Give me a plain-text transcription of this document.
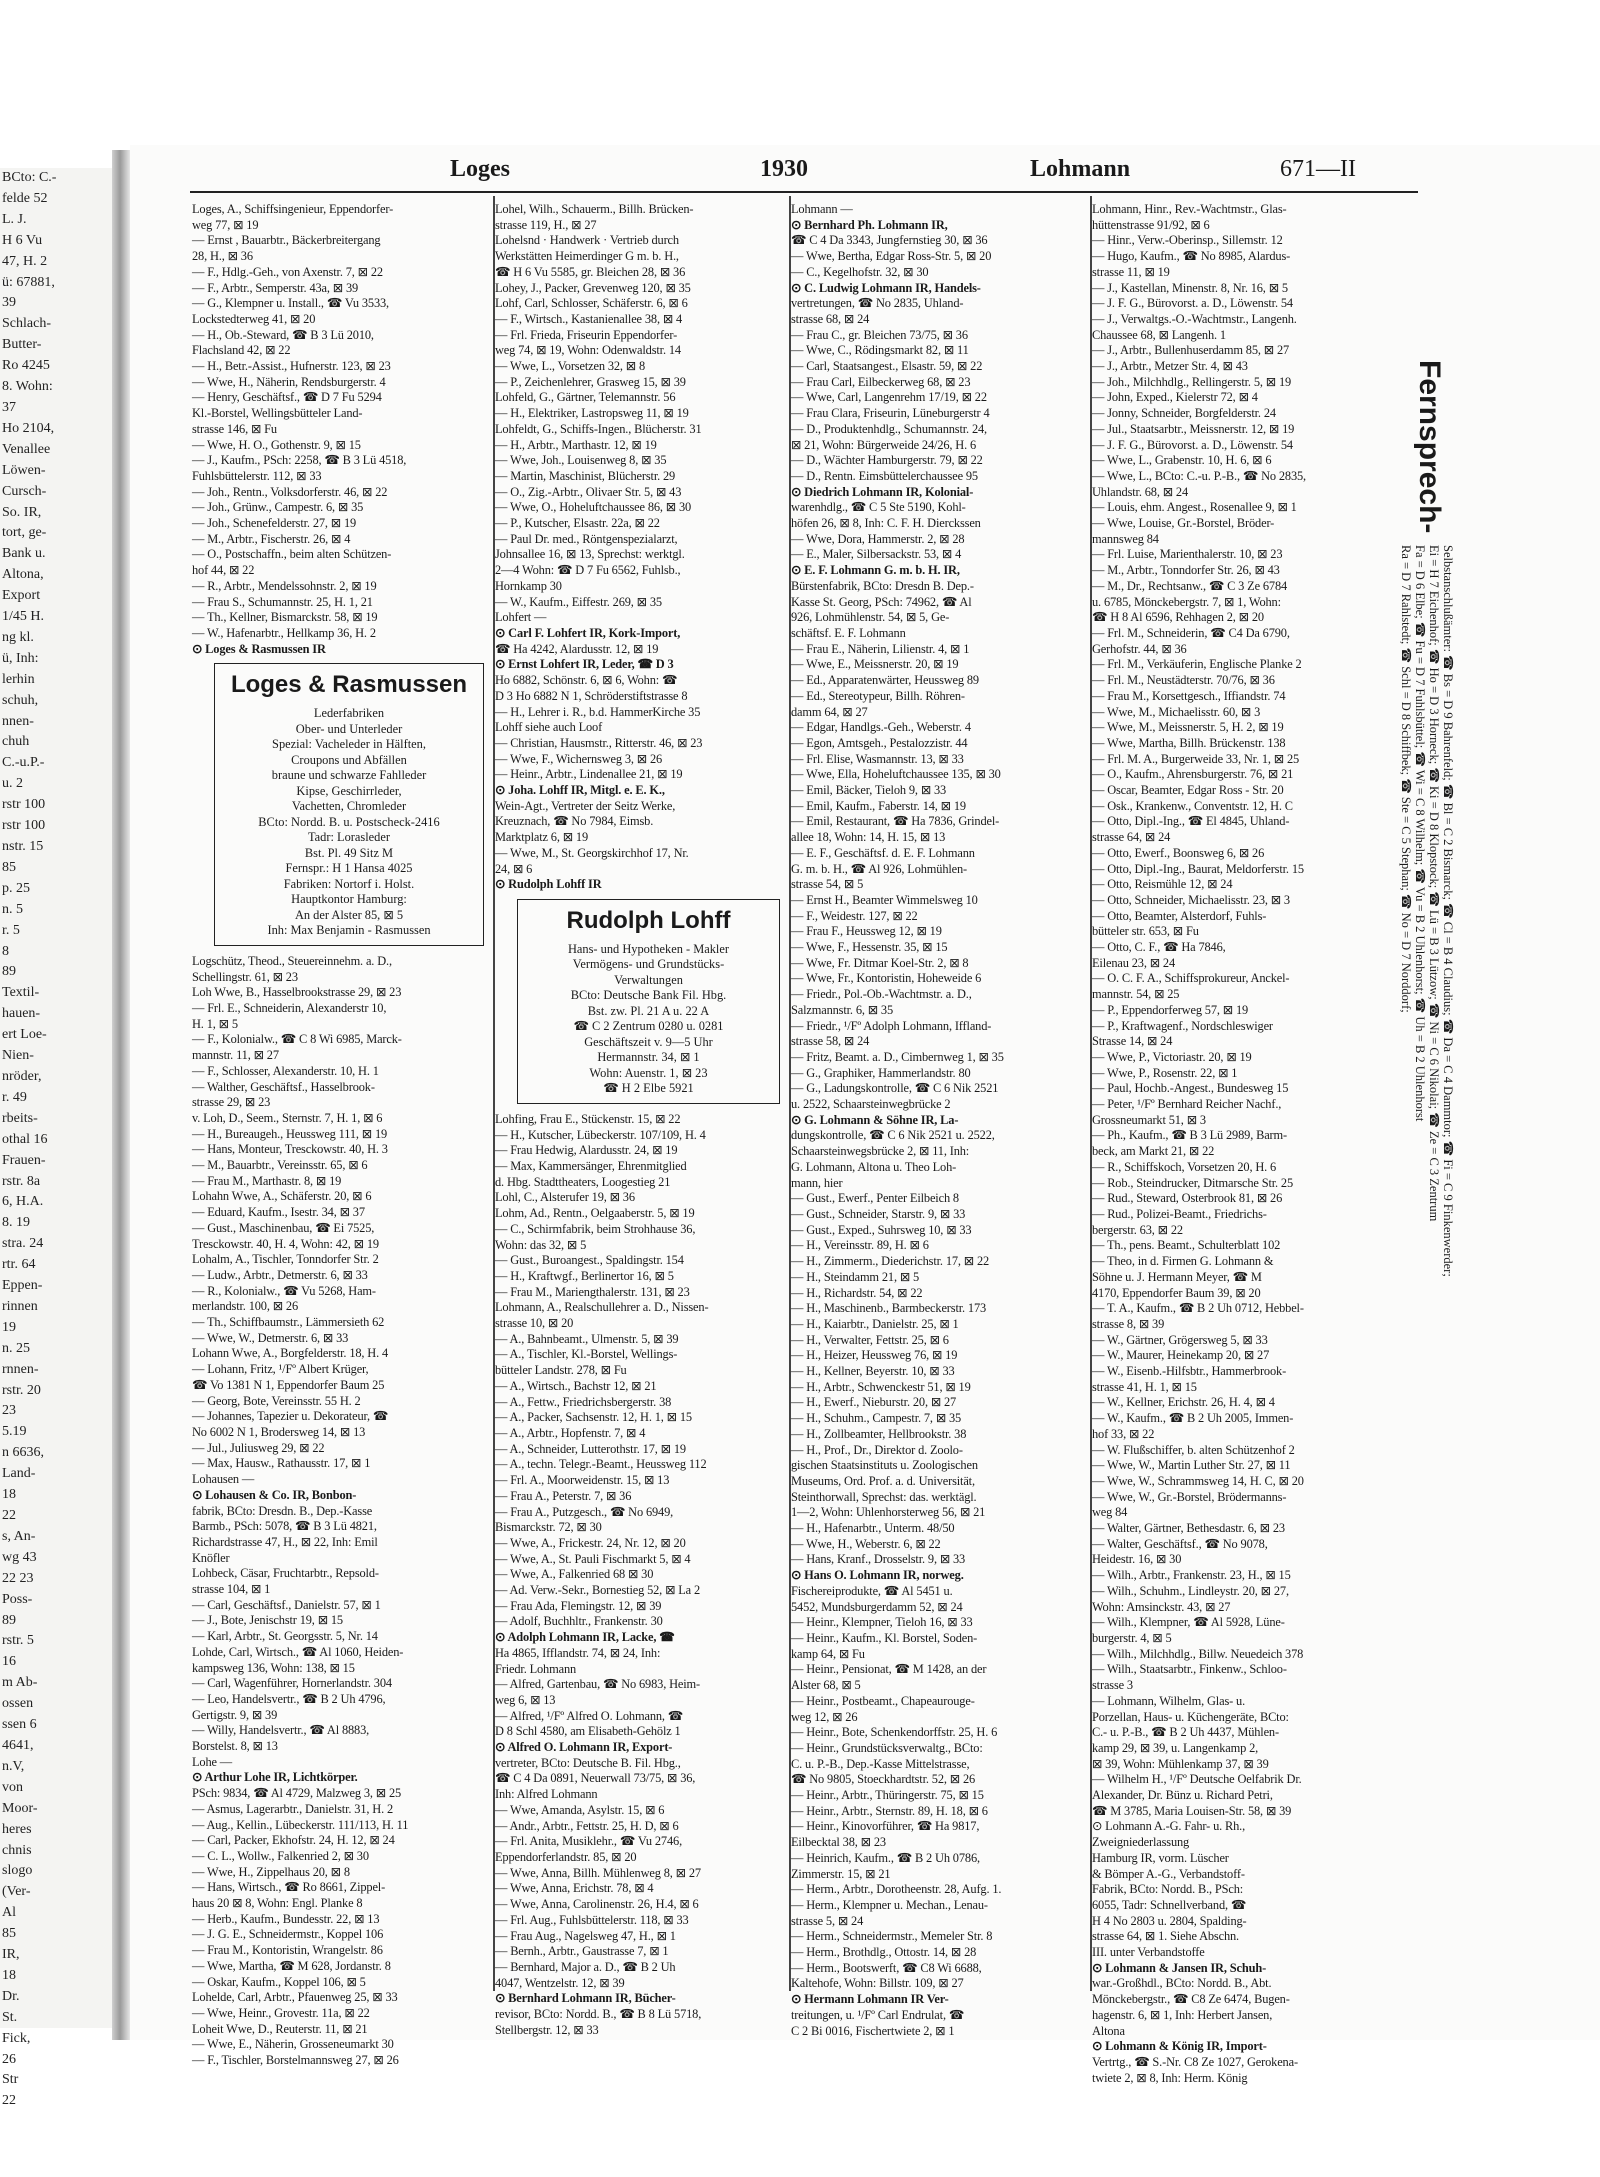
BCto: C.-
felde 52
L. J.
H 6 Vu
47, H. 2
ü: 67881,
39
Schlach-
Butter-
Ro 4245
8. Wohn:
37
Ho 2104,
Venallee
Löwen-
Cursch-
So. IR,
tort, ge-
Bank u.
Altona,
Export
1/45 H.
ng kl.
ü, Inh:
lerhin
schuh,
nnen-
chuh
C.-u.P.-
u. 2
rstr 100
rstr 100
nstr. 15
85
p. 25
n. 5
r. 5
8
89
Textil-
hauen-
ert Loe-
Nien-
nröder,
r. 49
rbeits-
othal 16
Frauen-
rstr. 8a
6, H.A.
8. 19
stra. 24
rtr. 64
Eppen-
rinnen
19
n. 25
rnnen-
rstr. 20
23
5.19
n 6636,
Land-
18
22
s, An-
wg 43
22 23
Poss-
89
rstr. 5
16
m Ab-
ossen
ssen 6
4641,
n.V,
von
Moor-
heres
chnis
slogo
(Ver-
Al
85
IR,
18
Dr.
St.
Fick,
26
Str
22
Loges	1930	Lohmann	671—II
Loges, A., Schiffsingenieur, Eppendorfer-
weg 77, ⊠ 19
— Ernst , Bauarbtr., Bäckerbreitergang
28, H., ⊠ 36
— F., Hdlg.-Geh., von Axenstr. 7, ⊠ 22
— F., Arbtr., Semperstr. 43a, ⊠ 39
— G., Klempner u. Install., ☎ Vu 3533,
Lockstedterweg 41, ⊠ 20
— H., Ob.-Steward, ☎ B 3 Lü 2010,
Flachsland 42, ⊠ 22
— H., Betr.-Assist., Hufnerstr. 123, ⊠ 23
— Wwe, H., Näherin, Rendsburgerstr. 4
— Henry, Geschäftsf., ☎ D 7 Fu 5294
Kl.-Borstel, Wellingsbütteler Land-
strasse 146, ⊠ Fu
— Wwe, H. O., Gothenstr. 9, ⊠ 15
— J., Kaufm., PSch: 2258, ☎ B 3 Lü 4518,
Fuhlsbüttelerstr. 112, ⊠ 33
— Joh., Rentn., Volksdorferstr. 46, ⊠ 22
— Joh., Grünw., Campestr. 6, ⊠ 35
— Joh., Schenefelderstr. 27, ⊠ 19
— M., Arbtr., Fischerstr. 26, ⊠ 4
— O., Postschaffn., beim alten Schützen-
hof 44, ⊠ 22
— R., Arbtr., Mendelssohnstr. 2, ⊠ 19
— Frau S., Schumannstr. 25, H. 1, 21
— Th., Kellner, Bismarckstr. 58, ⊠ 19
— W., Hafenarbtr., Hellkamp 36, H. 2
⊙ Loges & Rasmussen IR
Loges & Rasmussen
Lederfabriken
Ober- und Unterleder
Spezial: Vacheleder in Hälften,
Croupons und Abfällen
braune und schwarze Fahlleder
Kipse, Geschirrleder,
Vachetten, Chromleder
BCto: Nordd. B. u. Postscheck-2416
Tadr: Lorasleder
Bst. Pl. 49 Sitz M
Fernspr.: H 1 Hansa 4025
Fabriken: Nortorf i. Holst.
Hauptkontor Hamburg:
An der Alster 85, ⊠ 5
Inh: Max Benjamin - Rasmussen
Logschütz, Theod., Steuereinnehm. a. D.,
Schellingstr. 61, ⊠ 23
Loh Wwe, B., Hasselbrookstrasse 29, ⊠ 23
— Frl. E., Schneiderin, Alexanderstr 10,
H. 1, ⊠ 5
— F., Kolonialw., ☎ C 8 Wi 6985, Marck-
mannstr. 11, ⊠ 27
— F., Schlosser, Alexanderstr. 10, H. 1
— Walther, Geschäftsf., Hasselbrook-
strasse 29, ⊠ 23
v. Loh, D., Seem., Sternstr. 7, H. 1, ⊠ 6
— H., Bureaugeh., Heussweg 111, ⊠ 19
— Hans, Monteur, Tresckowstr. 40, H. 3
— M., Bauarbtr., Vereinsstr. 65, ⊠ 6
— Frau M., Marthastr. 8, ⊠ 19
Lohahn Wwe, A., Schäferstr. 20, ⊠ 6
— Eduard, Kaufm., Isestr. 34, ⊠ 37
— Gust., Maschinenbau, ☎ Ei 7525,
Tresckowstr. 40, H. 4, Wohn: 42, ⊠ 19
Lohalm, A., Tischler, Tonndorfer Str. 2
— Ludw., Arbtr., Detmerstr. 6, ⊠ 33
— R., Kolonialw., ☎ Vu 5268, Ham-
merlandstr. 100, ⊠ 26
— Th., Schiffbaumstr., Lämmersieth 62
— Wwe, W., Detmerstr. 6, ⊠ 33
Lohann Wwe, A., Borgfelderstr. 18, H. 4
— Lohann, Fritz, ¹/Fº Albert Krüger,
☎ Vo 1381 N 1, Eppendorfer Baum 25
— Georg, Bote, Vereinsstr. 55 H. 2
— Johannes, Tapezier u. Dekorateur, ☎
No 6002 N 1, Brodersweg 14, ⊠ 13
— Jul., Juliusweg 29, ⊠ 22
— Max, Hausw., Rathausstr. 17, ⊠ 1
Lohausen —
⊙ Lohausen & Co. IR, Bonbon-
fabrik, BCto: Dresdn. B., Dep.-Kasse
Barmb., PSch: 5078, ☎ B 3 Lü 4821,
Richardstrasse 47, H., ⊠ 22, Inh: Emil
Knöfler
Lohbeck, Cäsar, Fruchtarbtr., Repsold-
strasse 104, ⊠ 1
— Carl, Geschäftsf., Danielstr. 57, ⊠ 1
— J., Bote, Jenischstr 19, ⊠ 15
— Karl, Arbtr., St. Georgsstr. 5, Nr. 14
Lohde, Carl, Wirtsch., ☎ Al 1060, Heiden-
kampsweg 136, Wohn: 138, ⊠ 15
— Carl, Wagenführer, Hornerlandstr. 304
— Leo, Handelsvertr., ☎ B 2 Uh 4796,
Gertigstr. 9, ⊠ 39
— Willy, Handelsvertr., ☎ Al 8883,
Borstelst. 8, ⊠ 13
Lohe —
⊙ Arthur Lohe IR, Lichtkörper.
PSch: 9834, ☎ Al 4729, Malzweg 3, ⊠ 25
— Asmus, Lagerarbtr., Danielstr. 31, H. 2
— Aug., Kellin., Lübeckerstr. 111/113, H. 11
— Carl, Packer, Ekhofstr. 24, H. 12, ⊠ 24
— C. L., Wollw., Falkenried 2, ⊠ 30
— Wwe, H., Zippelhaus 20, ⊠ 8
— Hans, Wirtsch., ☎ Ro 8661, Zippel-
haus 20 ⊠ 8, Wohn: Engl. Planke 8
— Herb., Kaufm., Bundesstr. 22, ⊠ 13
— J. G. E., Schneidermstr., Koppel 106
— Frau M., Kontoristin, Wrangelstr. 86
— Wwe, Martha, ☎ M 628, Jordanstr. 8
— Oskar, Kaufm., Koppel 106, ⊠ 5
Lohelde, Carl, Arbtr., Pfauenweg 25, ⊠ 33
— Wwe, Heinr., Grovestr. 11a, ⊠ 22
Loheit Wwe, D., Reuterstr. 11, ⊠ 21
— Wwe, E., Näherin, Grosseneumarkt 30
— F., Tischler, Borstelmannsweg 27, ⊠ 26
Lohel, Wilh., Schauerm., Billh. Brücken-
strasse 119, H., ⊠ 27
Lohelsnd · Handwerk · Vertrieb durch
Werkstätten Heimerdinger G m. b. H.,
☎ H 6 Vu 5585, gr. Bleichen 28, ⊠ 36
Lohey, J., Packer, Grevenweg 120, ⊠ 35
Lohf, Carl, Schlosser, Schäferstr. 6, ⊠ 6
— F., Wirtsch., Kastanienallee 38, ⊠ 4
— Frl. Frieda, Friseurin Eppendorfer-
weg 74, ⊠ 19, Wohn: Odenwaldstr. 14
— Wwe, L., Vorsetzen 32, ⊠ 8
— P., Zeichenlehrer, Grasweg 15, ⊠ 39
Lohfeld, G., Gärtner, Telemannstr. 56
— H., Elektriker, Lastropsweg 11, ⊠ 19
Lohfeldt, G., Schiffs-Ingen., Blücherstr. 31
— H., Arbtr., Marthastr. 12, ⊠ 19
— Wwe, Joh., Louisenweg 8, ⊠ 35
— Martin, Maschinist, Blücherstr. 29
— O., Zig.-Arbtr., Olivaer Str. 5, ⊠ 43
— Wwe, O., Hoheluftchaussee 86, ⊠ 30
— P., Kutscher, Elsastr. 22a, ⊠ 22
— Paul Dr. med., Röntgenspezialarzt,
Johnsallee 16, ⊠ 13, Sprechst: werktgl.
2—4 Wohn: ☎ D 7 Fu 6562, Fuhlsb.,
Hornkamp 30
— W., Kaufm., Eiffestr. 269, ⊠ 35
Lohfert —
⊙ Carl F. Lohfert IR, Kork-Import,
☎ Ha 4242, Alardusstr. 12, ⊠ 19
⊙ Ernst Lohfert IR, Leder, ☎ D 3
Ho 6882, Schönstr. 6, ⊠ 6, Wohn: ☎
D 3 Ho 6882 N 1, Schröderstiftstrasse 8
— H., Lehrer i. R., b.d. HammerKirche 35
Lohff siehe auch Loof
— Christian, Hausmstr., Ritterstr. 46, ⊠ 23
— Wwe, F., Wichernsweg 3, ⊠ 26
— Heinr., Arbtr., Lindenallee 21, ⊠ 19
⊙ Joha. Lohff IR, Mitgl. e. E. K.,
Wein-Agt., Vertreter der Seitz Werke,
Kreuznach, ☎ No 7984, Eimsb.
Marktplatz 6, ⊠ 19
— Wwe, M., St. Georgskirchhof 17, Nr.
24, ⊠ 6
⊙ Rudolph Lohff IR
Rudolph Lohff
Hans- und Hypotheken - Makler
Vermögens- und Grundstücks-
Verwaltungen
BCto: Deutsche Bank Fil. Hbg.
Bst. zw. Pl. 21 A u. 22 A
☎ C 2 Zentrum 0280 u. 0281
Geschäftszeit v. 9—5 Uhr
Hermannstr. 34, ⊠ 1
Wohn: Auenstr. 1, ⊠ 23
☎ H 2 Elbe 5921
Lohfing, Frau E., Stückenstr. 15, ⊠ 22
— H., Kutscher, Lübeckerstr. 107/109, H. 4
— Frau Hedwig, Alardusstr. 24, ⊠ 19
— Max, Kammersänger, Ehrenmitglied
d. Hbg. Stadttheaters, Loogestieg 21
Lohl, C., Alsterufer 19, ⊠ 36
Lohm, Ad., Rentn., Oelgaaberstr. 5, ⊠ 19
— C., Schirmfabrik, beim Strohhause 36,
Wohn: das 32, ⊠ 5
— Gust., Buroangest., Spaldingstr. 154
— H., Kraftwgf., Berlinertor 16, ⊠ 5
— Frau M., Mariengthalerstr. 131, ⊠ 23
Lohmann, A., Realschullehrer a. D., Nissen-
strasse 10, ⊠ 20
— A., Bahnbeamt., Ulmenstr. 5, ⊠ 39
— A., Tischler, Kl.-Borstel, Wellings-
bütteler Landstr. 278, ⊠ Fu
— A., Wirtsch., Bachstr 12, ⊠ 21
— A., Fettw., Friedrichsbergerstr. 38
— A., Packer, Sachsenstr. 12, H. 1, ⊠ 15
— A., Arbtr., Hopfenstr. 7, ⊠ 4
— A., Schneider, Lutterothstr. 17, ⊠ 19
— A., techn. Telegr.-Beamt., Heussweg 112
— Frl. A., Moorweidenstr. 15, ⊠ 13
— Frau A., Peterstr. 7, ⊠ 36
— Frau A., Putzgesch., ☎ No 6949,
Bismarckstr. 72, ⊠ 30
— Wwe, A., Frickestr. 24, Nr. 12, ⊠ 20
— Wwe, A., St. Pauli Fischmarkt 5, ⊠ 4
— Wwe, A., Falkenried 68 ⊠ 30
— Ad. Verw.-Sekr., Bornestieg 52, ⊠ La 2
— Frau Ada, Flemingstr. 12, ⊠ 39
— Adolf, Buchhltr., Frankenstr. 30
⊙ Adolph Lohmann IR, Lacke, ☎
Ha 4865, Ifflandstr. 74, ⊠ 24, Inh:
Friedr. Lohmann
— Alfred, Gartenbau, ☎ No 6983, Heim-
weg 6, ⊠ 13
— Alfred, ¹/Fº Alfred O. Lohmann, ☎
D 8 Schl 4580, am Elisabeth-Gehölz 1
⊙ Alfred O. Lohmann IR, Export-
vertreter, BCto: Deutsche B. Fil. Hbg.,
☎ C 4 Da 0891, Neuerwall 73/75, ⊠ 36,
Inh: Alfred Lohmann
— Wwe, Amanda, Asylstr. 15, ⊠ 6
— Andr., Arbtr., Fettstr. 25, H. D, ⊠ 6
— Frl. Anita, Musiklehr., ☎ Vu 2746,
Eppendorferlandstr. 85, ⊠ 20
— Wwe, Anna, Billh. Mühlenweg 8, ⊠ 27
— Wwe, Anna, Erichstr. 78, ⊠ 4
— Wwe, Anna, Carolinenstr. 26, H.4, ⊠ 6
— Frl. Aug., Fuhlsbüttelerstr. 118, ⊠ 33
— Frau Aug., Nagelsweg 47, H., ⊠ 1
— Bernh., Arbtr., Gaustrasse 7, ⊠ 1
— Bernhard, Major a. D., ☎ B 2 Uh
4047, Wentzelstr. 12, ⊠ 39
⊙ Bernhard Lohmann IR, Bücher-
revisor, BCto: Nordd. B., ☎ B 8 Lü 5718,
Stellbergstr. 12, ⊠ 33
Lohmann —
⊙ Bernhard Ph. Lohmann IR,
☎ C 4 Da 3343, Jungfernstieg 30, ⊠ 36
— Wwe, Bertha, Edgar Ross-Str. 5, ⊠ 20
— C., Kegelhofstr. 32, ⊠ 30
⊙ C. Ludwig Lohmann IR, Handels-
vertretungen, ☎ No 2835, Uhland-
strasse 68, ⊠ 24
— Frau C., gr. Bleichen 73/75, ⊠ 36
— Wwe, C., Rödingsmarkt 82, ⊠ 11
— Carl, Staatsangest., Elsastr. 59, ⊠ 22
— Frau Carl, Eilbeckerweg 68, ⊠ 23
— Wwe, Carl, Langenrehm 17/19, ⊠ 22
— Frau Clara, Friseurin, Lüneburgerstr 4
— D., Produktenhdlg., Schumannstr. 24,
⊠ 21, Wohn: Bürgerweide 24/26, H. 6
— D., Wächter Hamburgerstr. 79, ⊠ 22
— D., Rentn. Eimsbüttelerchaussee 95
⊙ Diedrich Lohmann IR, Kolonial-
warenhdlg., ☎ C 5 Ste 5190, Kohl-
höfen 26, ⊠ 8, Inh: C. F. H. Dierckssen
— Wwe, Dora, Hammerstr. 2, ⊠ 28
— E., Maler, Silbersackstr. 53, ⊠ 4
⊙ E. F. Lohmann G. m. b. H. IR,
Bürstenfabrik, BCto: Dresdn B. Dep.-
Kasse St. Georg, PSch: 74962, ☎ Al
926, Lohmühlenstr. 54, ⊠ 5, Ge-
schäftsf. E. F. Lohmann
— Frau E., Näherin, Lilienstr. 4, ⊠ 1
— Wwe, E., Meissnerstr. 20, ⊠ 19
— Ed., Apparatenwärter, Heussweg 89
— Ed., Stereotypeur, Billh. Röhren-
damm 64, ⊠ 27
— Edgar, Handlgs.-Geh., Weberstr. 4
— Egon, Amtsgeh., Pestalozzistr. 44
— Frl. Elise, Wasmannstr. 13, ⊠ 33
— Wwe, Ella, Hoheluftchaussee 135, ⊠ 30
— Emil, Bäcker, Tieloh 9, ⊠ 33
— Emil, Kaufm., Faberstr. 14, ⊠ 19
— Emil, Restaurant, ☎ Ha 7836, Grindel-
allee 18, Wohn: 14, H. 15, ⊠ 13
— E. F., Geschäftsf. d. E. F. Lohmann
G. m. b. H., ☎ Al 926, Lohmühlen-
strasse 54, ⊠ 5
— Ernst H., Beamter Wimmelsweg 10
— F., Weidestr. 127, ⊠ 22
— Frau F., Heussweg 12, ⊠ 19
— Wwe, F., Hessenstr. 35, ⊠ 15
— Wwe, Fr. Ditmar Koel-Str. 2, ⊠ 8
— Wwe, Fr., Kontoristin, Hoheweide 6
— Friedr., Pol.-Ob.-Wachtmstr. a. D.,
Salzmannstr. 6, ⊠ 35
— Friedr., ¹/Fº Adolph Lohmann, Iffland-
strasse 58, ⊠ 24
— Fritz, Beamt. a. D., Cimbernweg 1, ⊠ 35
— G., Graphiker, Hammerlandstr. 80
— G., Ladungskontrolle, ☎ C 6 Nik 2521
u. 2522, Schaarsteinwegbrücke 2
⊙ G. Lohmann & Söhne IR, La-
dungskontrolle, ☎ C 6 Nik 2521 u. 2522,
Schaarsteinwegsbrücke 2, ⊠ 11, Inh:
G. Lohmann, Altona u. Theo Loh-
mann, hier
— Gust., Ewerf., Penter Eilbeich 8
— Gust., Schneider, Starstr. 9, ⊠ 33
— Gust., Exped., Suhrsweg 10, ⊠ 33
— H., Vereinsstr. 89, H. ⊠ 6
— H., Zimmerm., Diederichstr. 17, ⊠ 22
— H., Steindamm 21, ⊠ 5
— H., Richardstr. 54, ⊠ 22
— H., Maschinenb., Barmbeckerstr. 173
— H., Kaiarbtr., Danielstr. 25, ⊠ 1
— H., Verwalter, Fettstr. 25, ⊠ 6
— H., Heizer, Heussweg 76, ⊠ 19
— H., Kellner, Beyerstr. 10, ⊠ 33
— H., Arbtr., Schwenckestr 51, ⊠ 19
— H., Ewerf., Nieburstr. 20, ⊠ 27
— H., Schuhm., Campestr. 7, ⊠ 35
— H., Zollbeamter, Hellbrookstr. 38
— H., Prof., Dr., Direktor d. Zoolo-
gischen Staatsinstituts u. Zoologischen
Museums, Ord. Prof. a. d. Universität,
Steinthorwall, Sprechst: das. werktägl.
1—2, Wohn: Uhlenhorsterweg 56, ⊠ 21
— H., Hafenarbtr., Unterm. 48/50
— Wwe, H., Weberstr. 6, ⊠ 22
— Hans, Kranf., Drosselstr. 9, ⊠ 33
⊙ Hans O. Lohmann IR, norweg.
Fischereiprodukte, ☎ Al 5451 u.
5452, Mundsburgerdamm 52, ⊠ 24
— Heinr., Klempner, Tieloh 16, ⊠ 33
— Heinr., Kaufm., Kl. Borstel, Soden-
kamp 64, ⊠ Fu
— Heinr., Pensionat, ☎ M 1428, an der
Alster 68, ⊠ 5
— Heinr., Postbeamt., Chapeaurouge-
weg 12, ⊠ 26
— Heinr., Bote, Schenkendorffstr. 25, H. 6
— Heinr., Grundstücksverwaltg., BCto:
C. u. P.-B., Dep.-Kasse Mittelstrasse,
☎ No 9805, Stoeckhardtstr. 52, ⊠ 26
— Heinr., Arbtr., Thüringerstr. 75, ⊠ 15
— Heinr., Arbtr., Sternstr. 89, H. 18, ⊠ 6
— Heinr., Kinovorführer, ☎ Ha 9817,
Eilbecktal 38, ⊠ 23
— Heinrich, Kaufm., ☎ B 2 Uh 0786,
Zimmerstr. 15, ⊠ 21
— Herm., Arbtr., Dorotheenstr. 28, Aufg. 1.
— Herm., Klempner u. Mechan., Lenau-
strasse 5, ⊠ 24
— Herm., Schneidermstr., Memeler Str. 8
— Herm., Brothdlg., Ottostr. 14, ⊠ 28
— Herm., Bootswerft, ☎ C8 Wi 6688,
Kaltehofe, Wohn: Billstr. 109, ⊠ 27
⊙ Hermann Lohmann IR Ver-
treitungen, u. ¹/Fº Carl Endrulat, ☎
C 2 Bi 0016, Fischertwiete 2, ⊠ 1
Lohmann, Hinr., Rev.-Wachtmstr., Glas-
hüttenstrasse 91/92, ⊠ 6
— Hinr., Verw.-Oberinsp., Sillemstr. 12
— Hugo, Kaufm., ☎ No 8985, Alardus-
strasse 11, ⊠ 19
— J., Kastellan, Minenstr. 8, Nr. 16, ⊠ 5
— J. F. G., Bürovorst. a. D., Löwenstr. 54
— J., Verwaltgs.-O.-Wachtmstr., Langenh.
Chaussee 68, ⊠ Langenh. 1
— J., Arbtr., Bullenhuserdamm 85, ⊠ 27
— J., Arbtr., Metzer Str. 4, ⊠ 43
— Joh., Milchhdlg., Rellingerstr. 5, ⊠ 19
— John, Exped., Kielerstr 72, ⊠ 4
— Jonny, Schneider, Borgfelderstr. 24
— Jul., Staatsarbtr., Meissnerstr. 12, ⊠ 19
— J. F. G., Bürovorst. a. D., Löwenstr. 54
— Wwe, L., Grabenstr. 10, H. 6, ⊠ 6
— Wwe, L., BCto: C.-u. P.-B., ☎ No 2835,
Uhlandstr. 68, ⊠ 24
— Louis, ehm. Angest., Rosenallee 9, ⊠ 1
— Wwe, Louise, Gr.-Borstel, Bröder-
mannsweg 84
— Frl. Luise, Marienthalerstr. 10, ⊠ 23
— M., Arbtr., Tonndorfer Str. 26, ⊠ 43
— M., Dr., Rechtsanw., ☎ C 3 Ze 6784
u. 6785, Mönckebergstr. 7, ⊠ 1, Wohn:
☎ H 8 Al 6596, Rehhagen 2, ⊠ 20
— Frl. M., Schneiderin, ☎ C4 Da 6790,
Gerhofstr. 44, ⊠ 36
— Frl. M., Verkäuferin, Englische Planke 2
— Frl. M., Neustädterstr. 70/76, ⊠ 36
— Frau M., Korsettgesch., Iffiandstr. 74
— Wwe, M., Michaelisstr. 60, ⊠ 3
— Wwe, M., Meissnerstr. 5, H. 2, ⊠ 19
— Wwe, Martha, Billh. Brückenstr. 138
— Frl. M. A., Burgerweide 33, Nr. 1, ⊠ 25
— O., Kaufm., Ahrensburgerstr. 76, ⊠ 21
— Oscar, Beamter, Edgar Ross - Str. 20
— Osk., Krankenw., Conventstr. 12, H. C
— Otto, Dipl.-Ing., ☎ El 4845, Uhland-
strasse 64, ⊠ 24
— Otto, Ewerf., Boonsweg 6, ⊠ 26
— Otto, Dipl.-Ing., Baurat, Meldorferstr. 15
— Otto, Reismühle 12, ⊠ 24
— Otto, Schneider, Michaelisstr. 23, ⊠ 3
— Otto, Beamter, Alsterdorf, Fuhls-
bütteler str. 653, ⊠ Fu
— Otto, C. F., ☎ Ha 7846,
Eilenau 23, ⊠ 24
— O. C. F. A., Schiffsprokureur, Anckel-
mannstr. 54, ⊠ 25
— P., Eppendorferweg 57, ⊠ 19
— P., Kraftwagenf., Nordschleswiger
Strasse 14, ⊠ 24
— Wwe, P., Victoriastr. 20, ⊠ 19
— Wwe, P., Rosenstr. 22, ⊠ 1
— Paul, Hochb.-Angest., Bundesweg 15
— Peter, ¹/Fº Bernhard Reicher Nachf.,
Grossneumarkt 51, ⊠ 3
— Ph., Kaufm., ☎ B 3 Lü 2989, Barm-
beck, am Markt 21, ⊠ 22
— R., Schiffskoch, Vorsetzen 20, H. 6
— Rob., Steindrucker, Ditmarsche Str. 25
— Rud., Steward, Osterbrook 81, ⊠ 26
— Rud., Polizei-Beamt., Friedrichs-
bergerstr. 63, ⊠ 22
— Th., pens. Beamt., Schulterblatt 102
— Theo, in d. Firmen G. Lohmann &
Söhne u. J. Hermann Meyer, ☎ M
4170, Eppendorfer Baum 39, ⊠ 20
— T. A., Kaufm., ☎ B 2 Uh 0712, Hebbel-
strasse 8, ⊠ 39
— W., Gärtner, Grögersweg 5, ⊠ 33
— W., Maurer, Heinekamp 20, ⊠ 27
— W., Eisenb.-Hilfsbtr., Hammerbrook-
strasse 41, H. 1, ⊠ 15
— W., Kellner, Erichstr. 26, H. 4, ⊠ 4
— W., Kaufm., ☎ B 2 Uh 2005, Immen-
hof 33, ⊠ 22
— W. Flußschiffer, b. alten Schützenhof 2
— Wwe, W., Martin Luther Str. 27, ⊠ 11
— Wwe, W., Schrammsweg 14, H. C, ⊠ 20
— Wwe, W., Gr.-Borstel, Brödermanns-
weg 84
— Walter, Gärtner, Bethesdastr. 6, ⊠ 23
— Walter, Geschäftsf., ☎ No 9078,
Heidestr. 16, ⊠ 30
— Wilh., Arbtr., Frankenstr. 23, H., ⊠ 15
— Wilh., Schuhm., Lindleystr. 20, ⊠ 27,
Wohn: Amsinckstr. 43, ⊠ 27
— Wilh., Klempner, ☎ Al 5928, Lüne-
burgerstr. 4, ⊠ 5
— Wilh., Milchhdlg., Billw. Neuedeich 378
— Wilh., Staatsarbtr., Finkenw., Schloo-
strasse 3
— Lohmann, Wilhelm, Glas- u.
Porzellan, Haus- u. Küchengeräte, BCto:
C.- u. P.-B., ☎ B 2 Uh 4437, Mühlen-
kamp 29, ⊠ 39, u. Langenkamp 2,
⊠ 39, Wohn: Mühlenkamp 37, ⊠ 39
— Wilhelm H., ¹/Fº Deutsche Oelfabrik Dr.
Alexander, Dr. Bünz u. Richard Petri,
☎ M 3785, Maria Louisen-Str. 58, ⊠ 39
⊙ Lohmann A.-G. Fahr- u. Rh.,
Zweigniederlassung
Hamburg IR, vorm. Lüscher
& Bömper A.-G., Verbandstoff-
Fabrik, BCto: Nordd. B., PSch:
6055, Tadr: Schnellverband, ☎
H 4 No 2803 u. 2804, Spalding-
strasse 64, ⊠ 1. Siehe Abschn.
III. unter Verbandstoffe
⊙ Lohmann & Jansen IR, Schuh-
war.-Großhdl., BCto: Nordd. B., Abt.
Mönckebergstr., ☎ C8 Ze 6474, Bugen-
hagenstr. 6, ⊠ 1, Inh: Herbert Jansen,
Altona
⊙ Lohmann & König IR, Import-
Vertrtg., ☎ S.-Nr. C8 Ze 1027, Gerokena-
twiete 2, ⊠ 8, Inh: Herm. König
Fernsprech-
Selbstanschlußämter: ☎ Bs = D 9 Bahrenfeld; ☎ Bl = C 2 Bismarck; ☎ Cl = B 4 Claudius; ☎ Da = C 4 Dammtor; ☎ Fi = C 9 Finkenwerder;
Ei = H 7 Eichenhof; ☎ Ho = D 3 Horneck; ☎ Ki = D 8 Klopstock; ☎ Lü = B 3 Lützow; ☎ Ni = C 6 Nikolai; ☎ Ze = C 3 Zentrum
Fa = D 6 Elbe; ☎ Fu = D 7 Fuhlsbüttel; ☎ Wi = C 8 Wilhelm; ☎ Vu = B 2 Uhlenhorst; ☎ Uh = B 2 Uhlenhorst
Ra = D 7 Rahlstedt; ☎ Schl = D 8 Schiffbek; ☎ Ste = C 5 Stephan; ☎ No = D 7 Norddorf;
